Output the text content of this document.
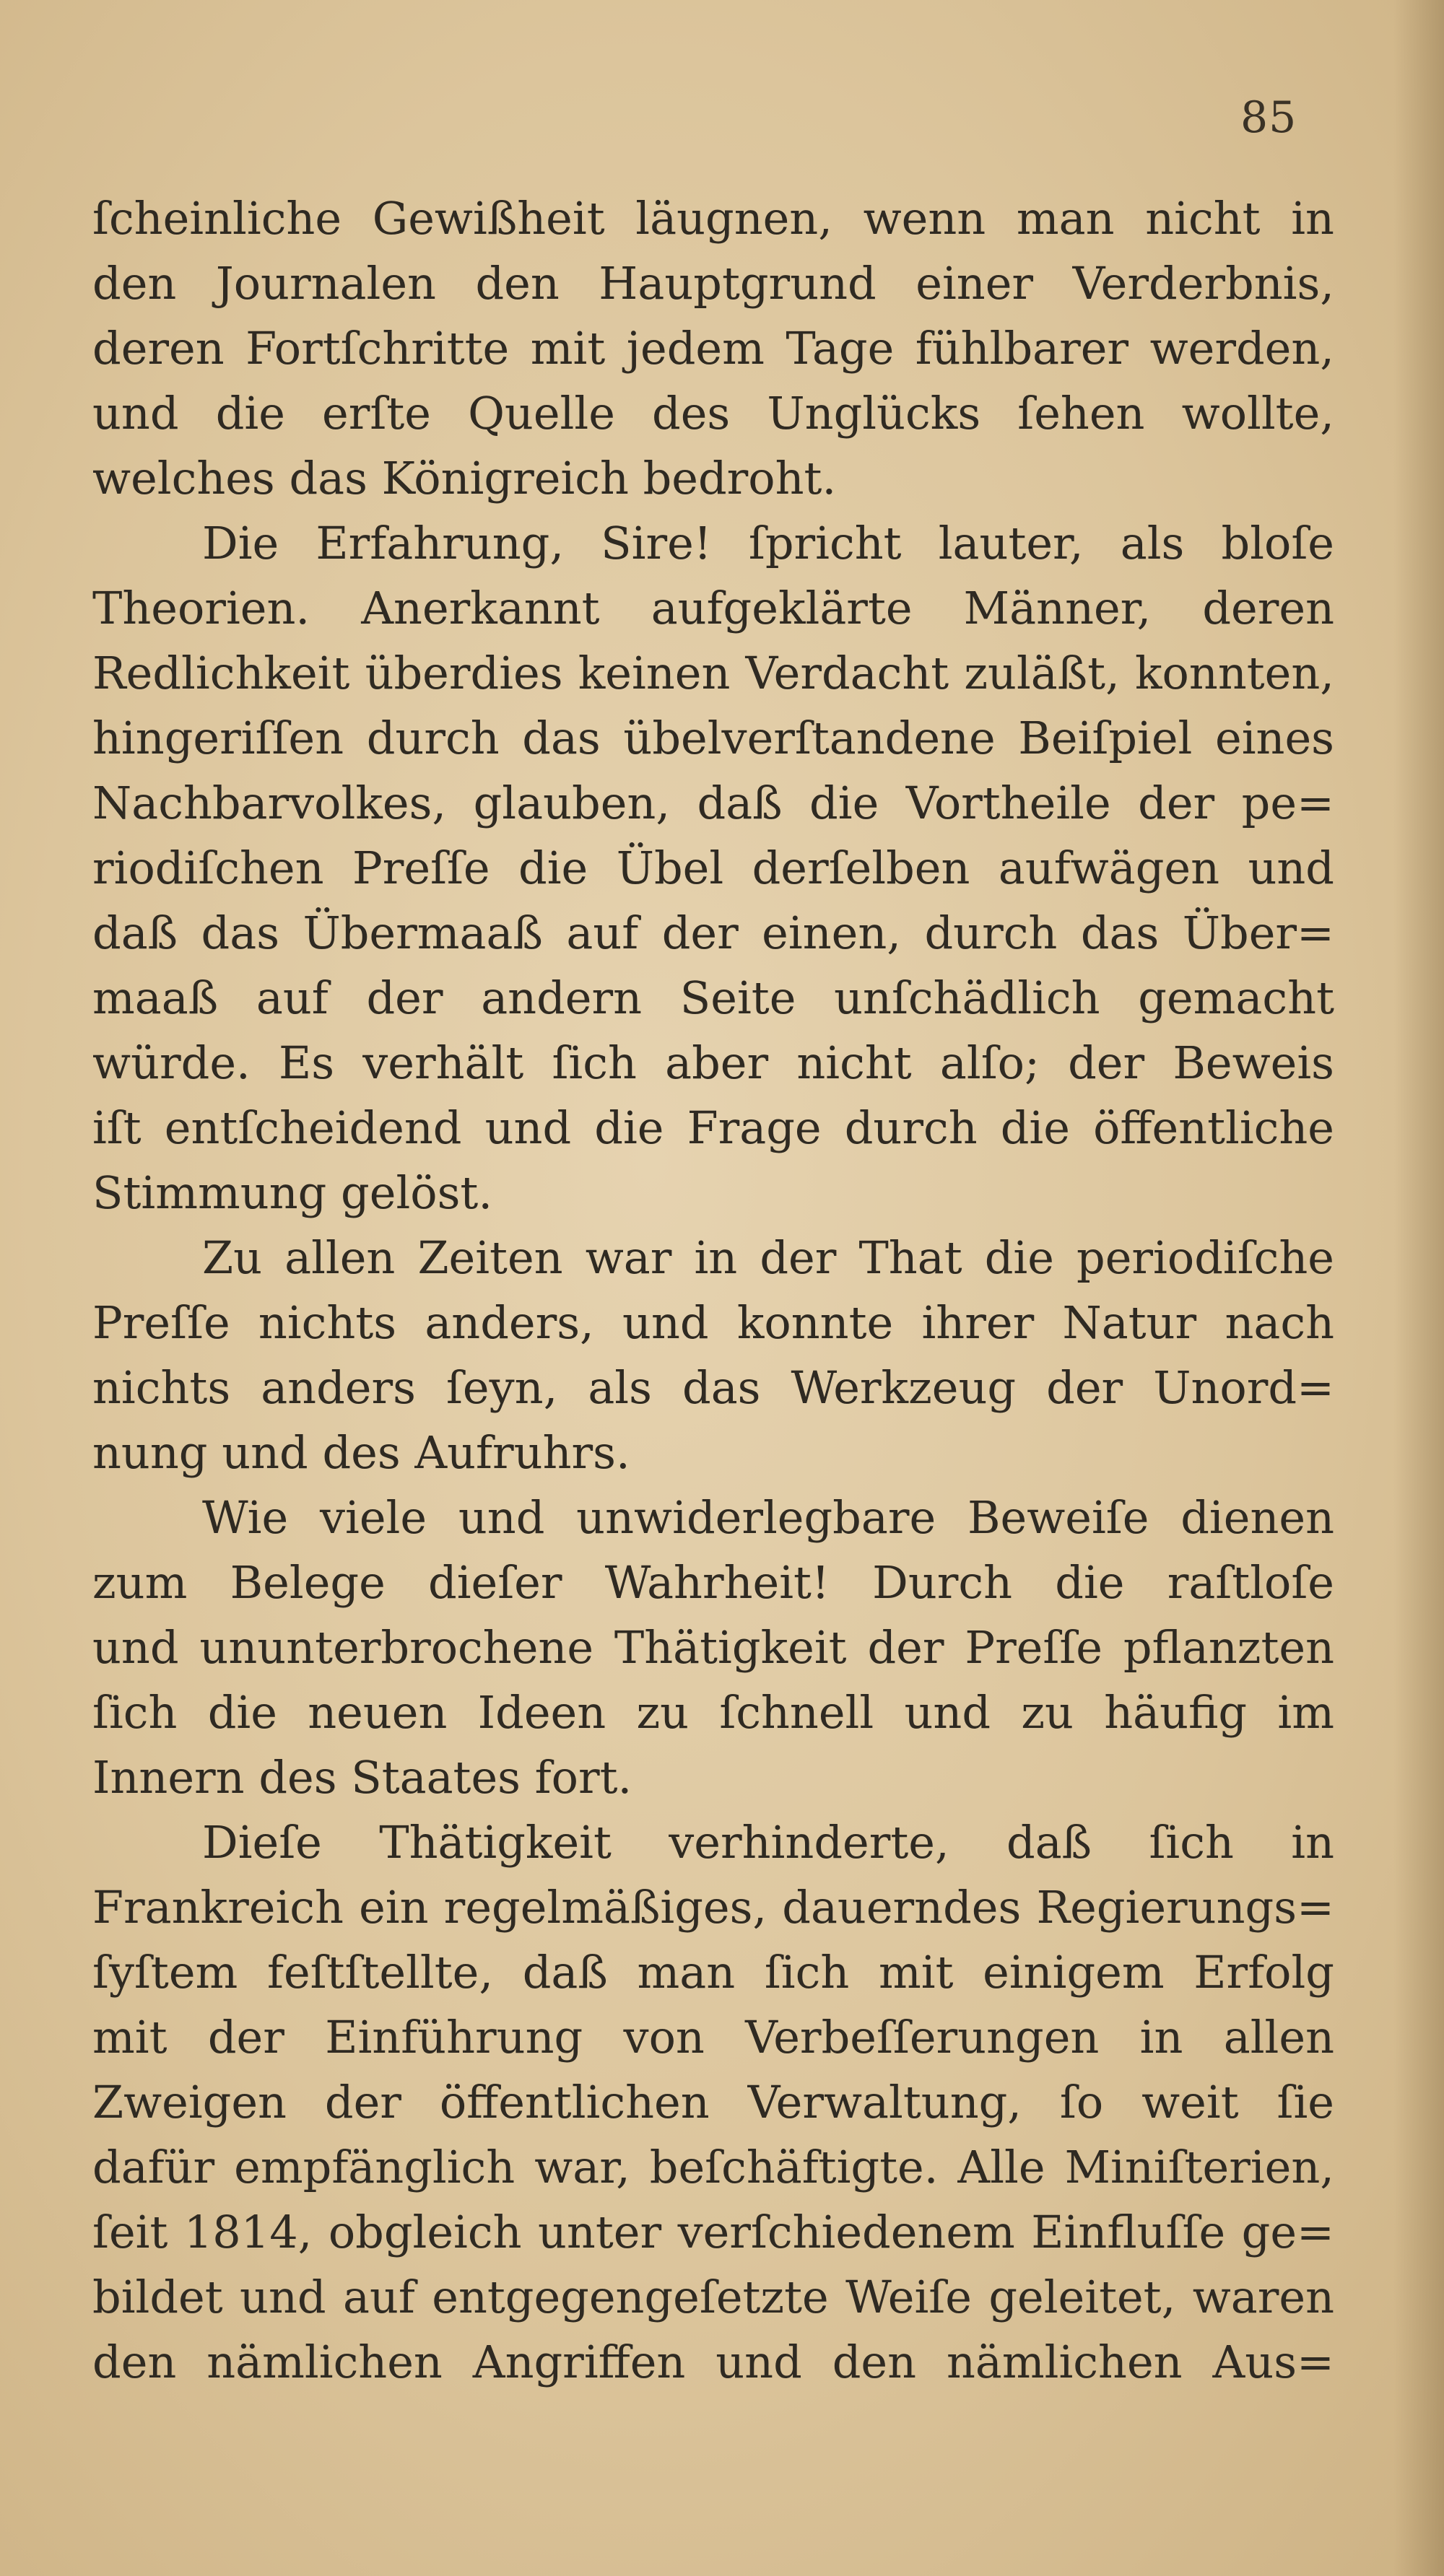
85
ſcheinliche Gewißheit läugnen, wenn man nicht in
den Journalen den Hauptgrund einer Verderbnis,
deren Fortſchritte mit jedem Tage fühlbarer werden,
und die erſte Quelle des Unglücks ſehen wollte,
welches das Königreich bedroht.
Die Erfahrung, Sire! ſpricht lauter, als bloſe
Theorien. Anerkannt aufgeklärte Männer, deren
Redlichkeit überdies keinen Verdacht zuläßt, konnten,
hingeriſſen durch das übelverſtandene Beiſpiel eines
Nachbarvolkes, glauben, daß die Vortheile der pe=
riodiſchen Preſſe die Übel derſelben aufwägen und
daß das Übermaaß auf der einen, durch das Über=
maaß auf der andern Seite unſchädlich gemacht
würde. Es verhält ſich aber nicht alſo; der Beweis
iſt entſcheidend und die Frage durch die öffentliche
Stimmung gelöst.
Zu allen Zeiten war in der That die periodiſche
Preſſe nichts anders, und konnte ihrer Natur nach
nichts anders ſeyn, als das Werkzeug der Unord=
nung und des Aufruhrs.
Wie viele und unwiderlegbare Beweiſe dienen
zum Belege dieſer Wahrheit! Durch die raſtloſe
und ununterbrochene Thätigkeit der Preſſe pflanzten
ſich die neuen Ideen zu ſchnell und zu häufig im
Innern des Staates fort.
Dieſe Thätigkeit verhinderte, daß ſich in
Frankreich ein regelmäßiges, dauerndes Regierungs=
ſyſtem feſtſtellte, daß man ſich mit einigem Erfolg
mit der Einführung von Verbeſſerungen in allen
Zweigen der öffentlichen Verwaltung, ſo weit ſie
dafür empfänglich war, beſchäftigte. Alle Miniſterien,
ſeit 1814, obgleich unter verſchiedenem Einfluſſe ge=
bildet und auf entgegengeſetzte Weiſe geleitet, waren
den nämlichen Angriffen und den nämlichen Aus=
